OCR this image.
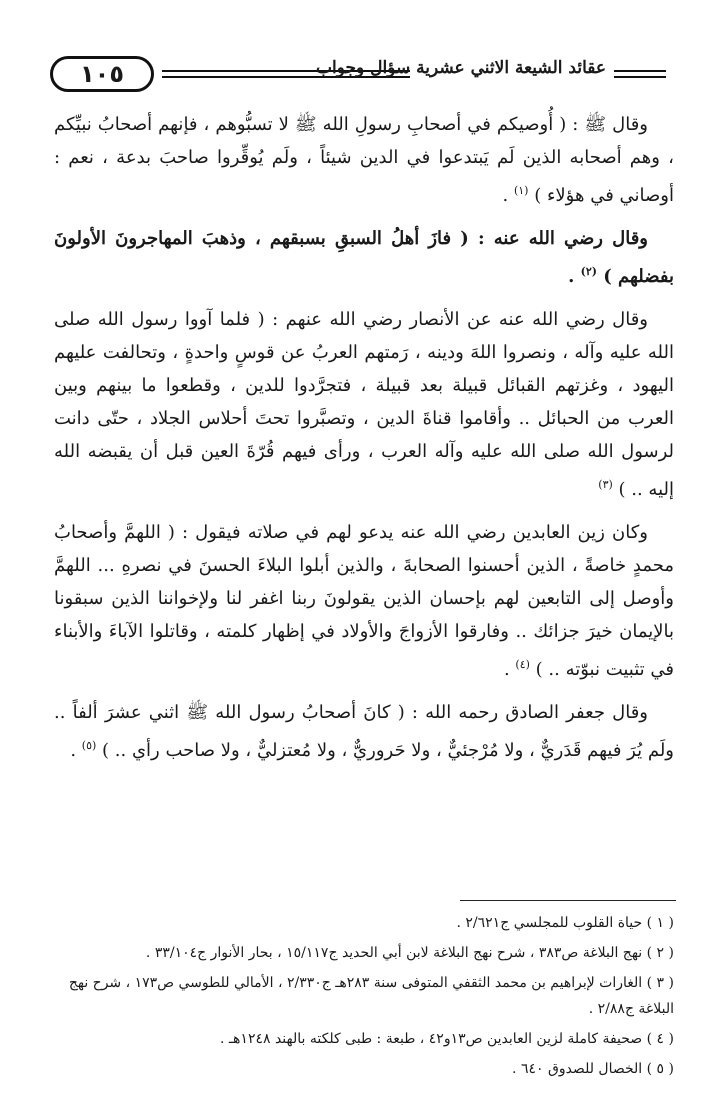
١٠٥	عقائد الشيعة الاثني عشرية سؤال وجواب

وقال ﷺ : ( أُوصيكم في أصحابِ رسولِ الله ﷺ لا تسبُّوهم ، فإنهم أصحابُ نبيِّكم ، وهم أصحابه الذين لَم يَبتدعوا في الدين شيئاً ، ولَم يُوقِّروا صاحبَ بدعة ، نعم : أوصاني في هؤلاء ) $^{(١)}$ .

وقال رضي الله عنه : ( فازَ أهلُ السبقِ بسبقهم ، وذهبَ المهاجرونَ الأولونَ بفضلهم ) $^{(٢)}$ .

وقال رضي الله عنه عن الأنصار رضي الله عنهم : ( فلما آووا رسول الله صلى الله عليه وآله ، ونصروا اللهَ ودينه ، رَمتهم العربُ عن قوسٍ واحدةٍ ، وتحالفت عليهم اليهود ، وغزتهم القبائل قبيلة بعد قبيلة ، فتجرَّدوا للدين ، وقطعوا ما بينهم وبين العرب من الحبائل .. وأقاموا قناةَ الدين ، وتصبَّروا تحتَ أحلاس الجلاد ، حتّى دانت لرسول الله صلى الله عليه وآله العرب ، ورأى فيهم قُرّةَ العين قبل أن يقبضه الله إليه .. ) $^{(٣)}$

وكان زين العابدين رضي الله عنه يدعو لهم في صلاته فيقول : ( اللهمَّ وأصحابُ محمدٍ خاصةً ، الذين أحسنوا الصحابةَ ، والذين أبلوا البلاءَ الحسنَ في نصرهِ ... اللهمَّ وأوصل إلى التابعين لهم بإحسان الذين يقولونَ ربنا اغفر لنا ولإخواننا الذين سبقونا بالإيمان خيرَ جزائك .. وفارقوا الأزواجَ والأولاد في إظهار كلمته ، وقاتلوا الآباءَ والأبناء في تثبيت نبوّته .. ) $^{(٤)}$ .

وقال جعفر الصادق رحمه الله : ( كانَ أصحابُ رسول الله ﷺ اثني عشرَ ألفاً .. ولَم يُرَ فيهم قَدَريٌّ ، ولا مُرْجئيٌّ ، ولا حَروريٌّ ، ولا مُعتزليٌّ ، ولا صاحب رأي .. ) $^{(٥)}$ .

( ١ ) حياة القلوب للمجلسي ج٢/٦٢١ .

( ٢ ) نهج البلاغة ص٣٨٣ ، شرح نهج البلاغة لابن أبي الحديد ج١٥/١١٧ ، بحار الأنوار ج٣٣/١٠٤ .

( ٣ ) الغارات لإبراهيم بن محمد الثقفي المتوفى سنة ٢٨٣هـ ج٢/٣٣٠ ، الأمالي للطوسي ص١٧٣ ، شرح نهج البلاغة ج٢/٨٨ .

( ٤ ) صحيفة كاملة لزين العابدين ص١٣و٤٢ ، طبعة : طبى كلكته بالهند ١٢٤٨هـ .

( ٥ ) الخصال للصدوق ٦٤٠ .
